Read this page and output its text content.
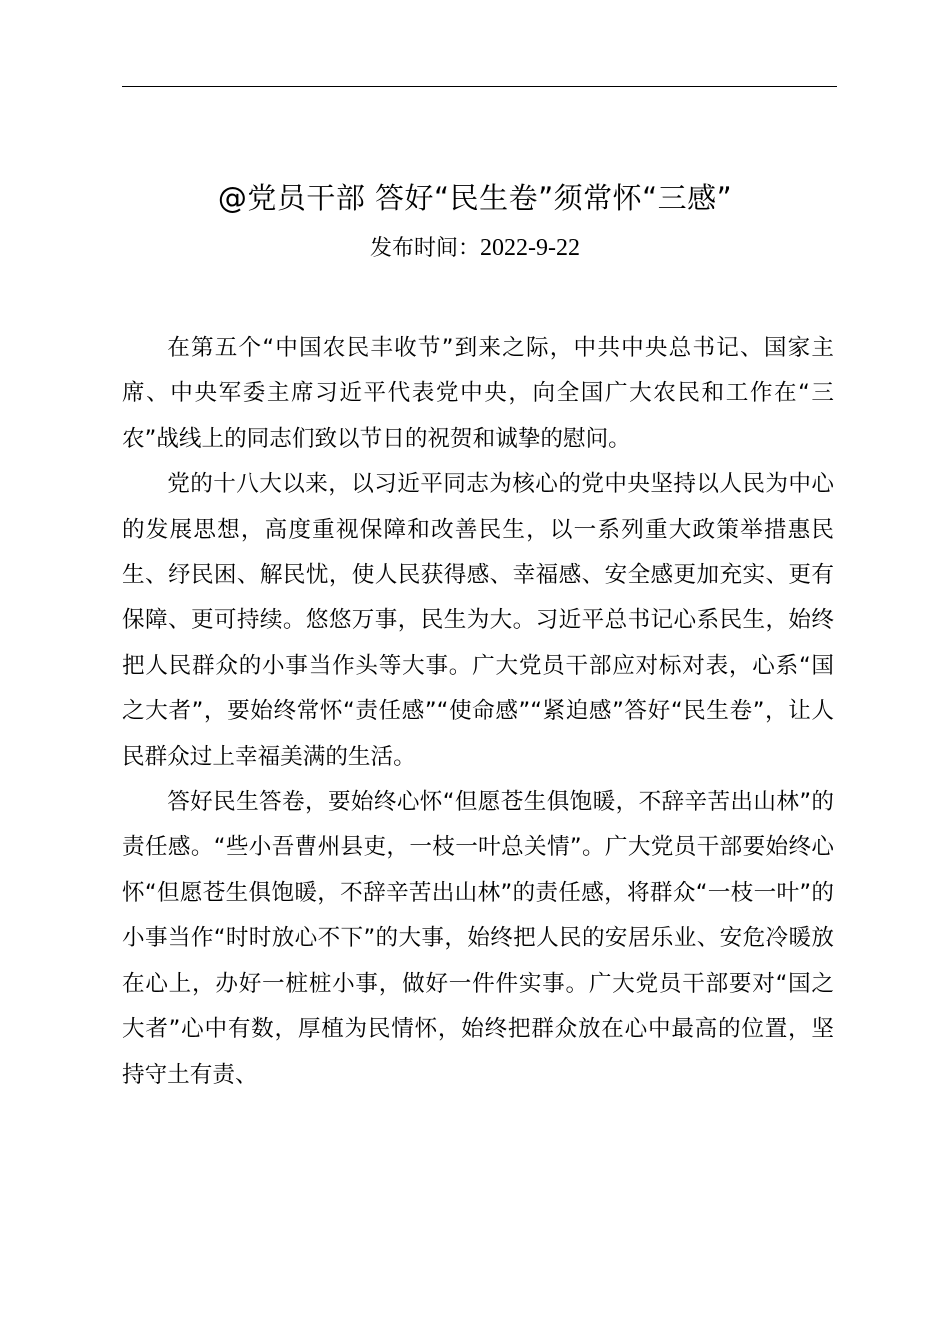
@党员干部 答好“民生卷”须常怀“三感”
发布时间：2022-9-22

在第五个“中国农民丰收节”到来之际，中共中央总书记、国家主席、中央军委主席习近平代表党中央，向全国广大农民和工作在“三农”战线上的同志们致以节日的祝贺和诚挚的慰问。

党的十八大以来，以习近平同志为核心的党中央坚持以人民为中心的发展思想，高度重视保障和改善民生，以一系列重大政策举措惠民生、纾民困、解民忧，使人民获得感、幸福感、安全感更加充实、更有保障、更可持续。悠悠万事，民生为大。习近平总书记心系民生，始终把人民群众的小事当作头等大事。广大党员干部应对标对表，心系“国之大者”，要始终常怀“责任感”“使命感”“紧迫感”答好“民生卷”，让人民群众过上幸福美满的生活。

答好民生答卷，要始终心怀“但愿苍生俱饱暖，不辞辛苦出山林”的责任感。“些小吾曹州县吏，一枝一叶总关情”。广大党员干部要始终心怀“但愿苍生俱饱暖，不辞辛苦出山林”的责任感，将群众“一枝一叶”的小事当作“时时放心不下”的大事，始终把人民的安居乐业、安危冷暖放在心上，办好一桩桩小事，做好一件件实事。广大党员干部要对“国之大者”心中有数，厚植为民情怀，始终把群众放在心中最高的位置，坚持守土有责、
